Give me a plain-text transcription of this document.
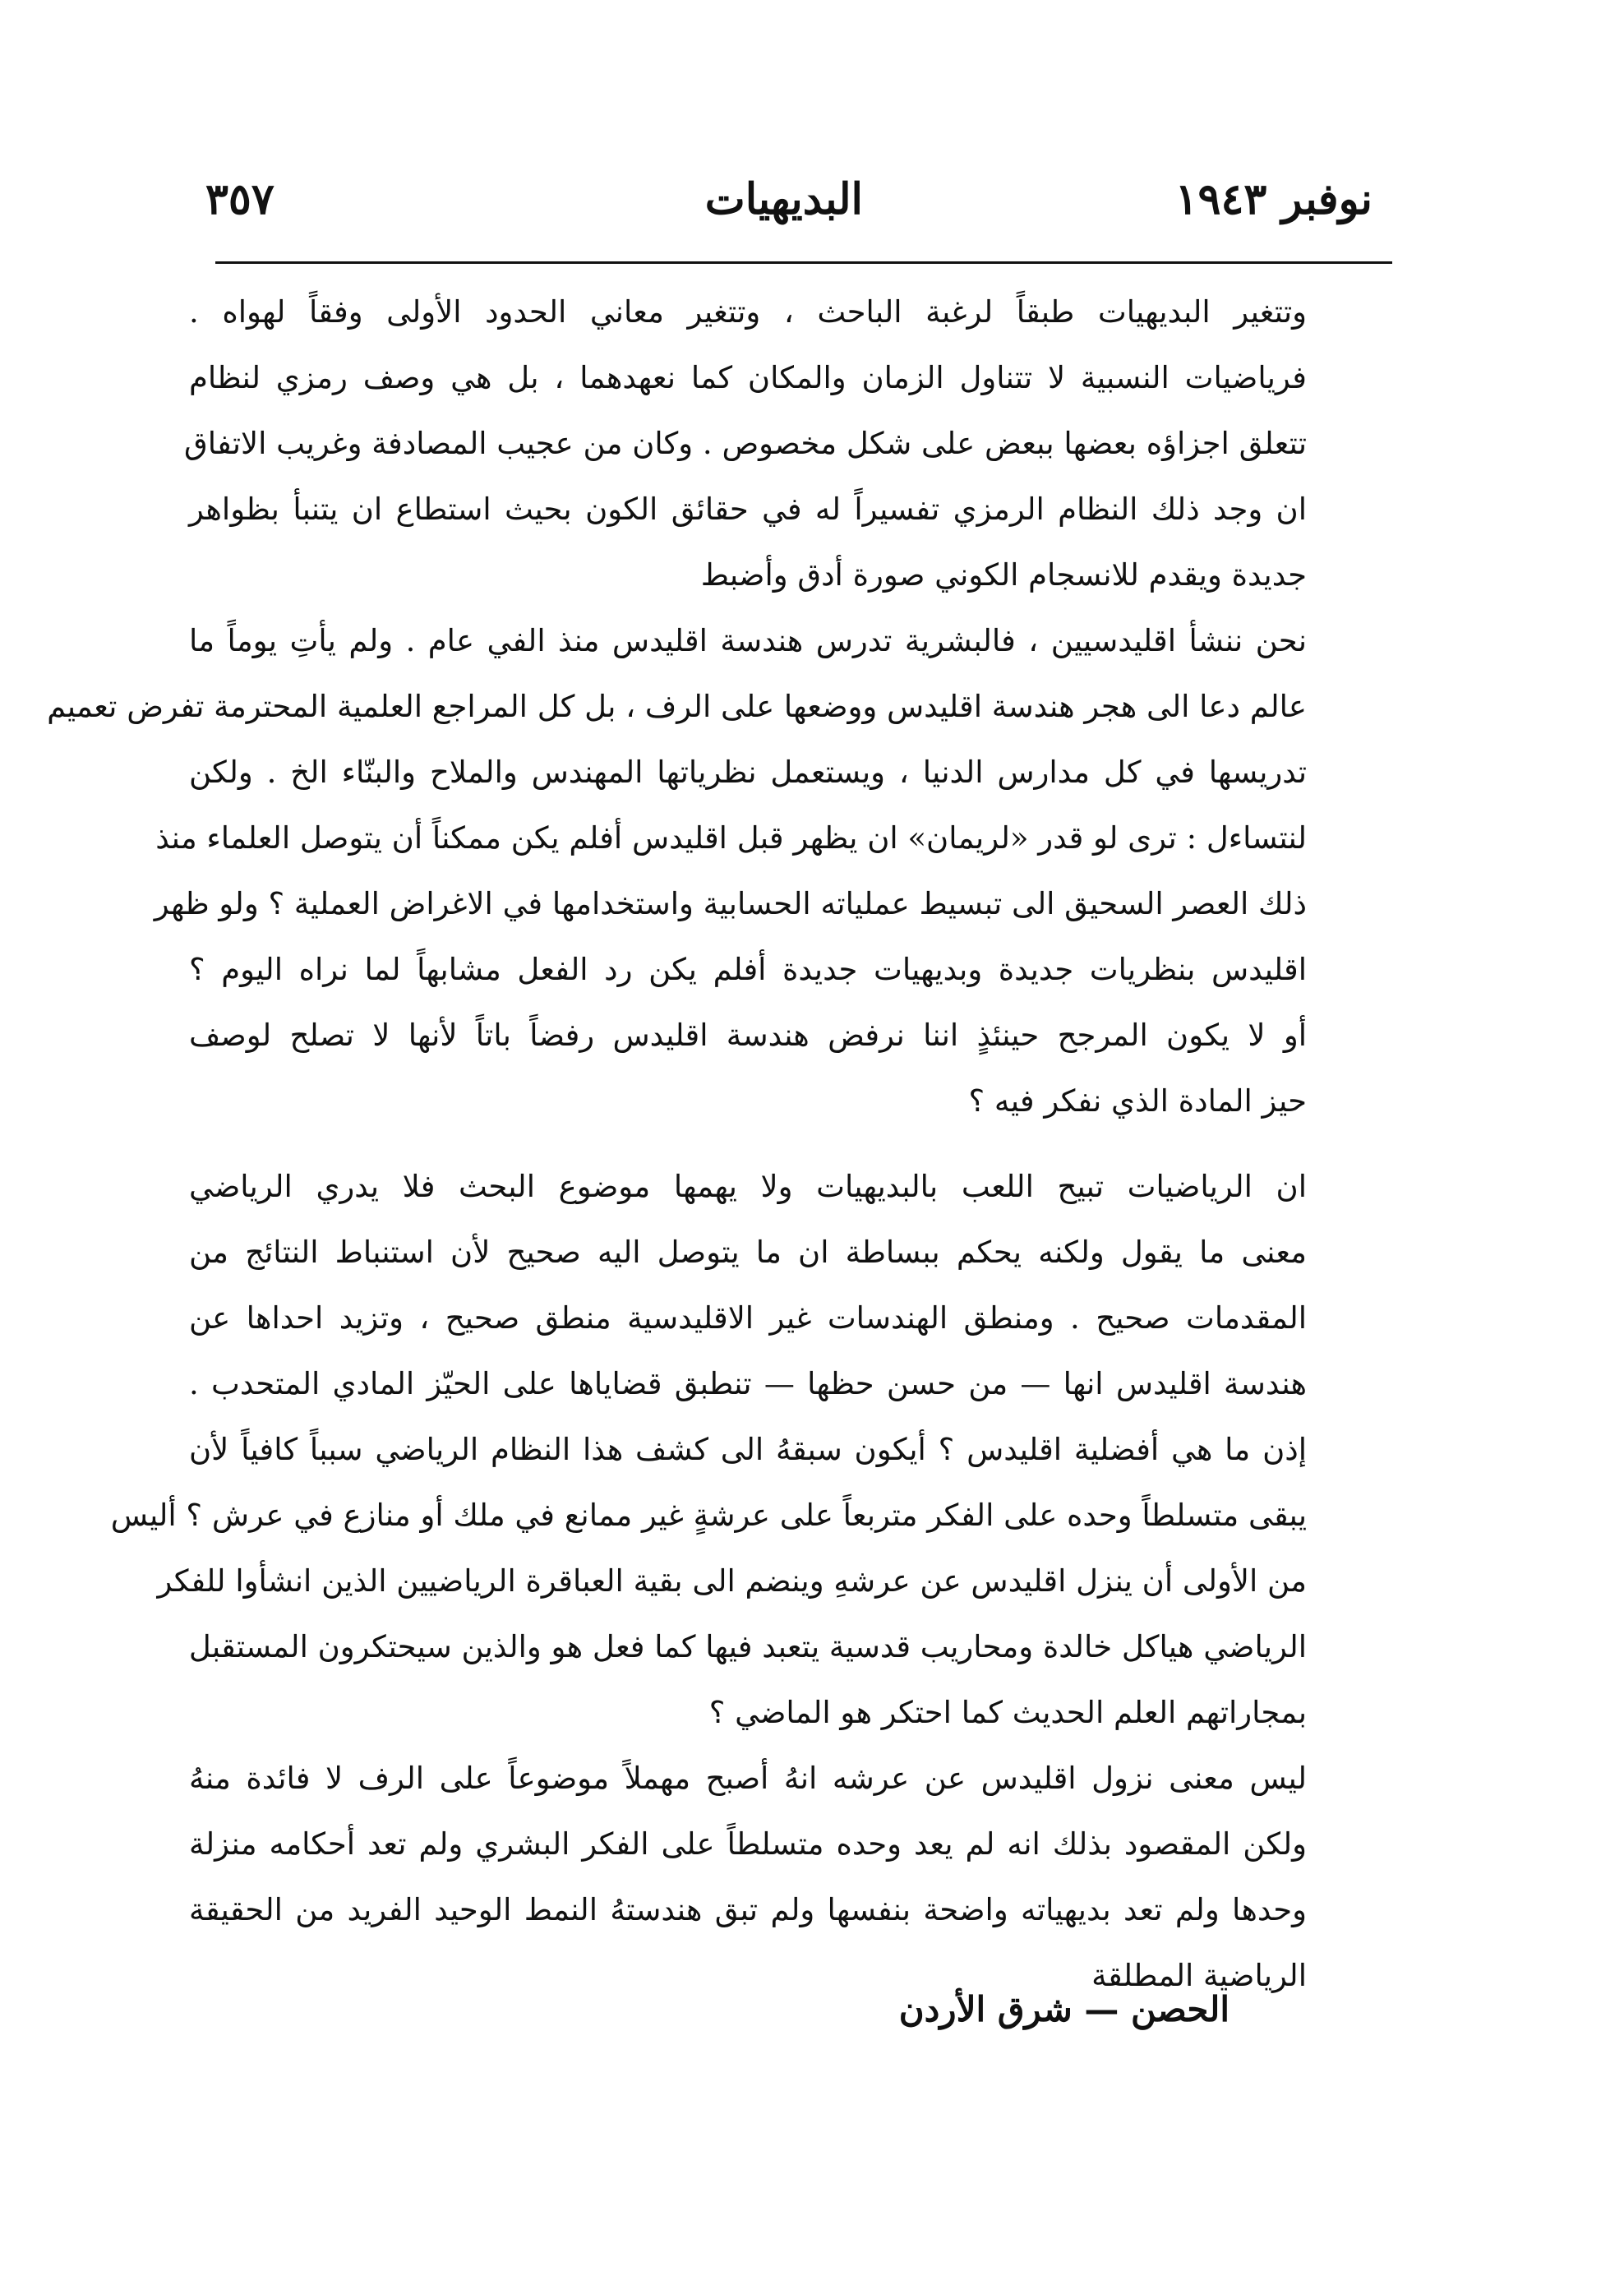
نوفبر ١٩٤٣
البديهيات
٣٥٧

وتتغير البديهيات طبقاً لرغبة الباحث ، وتتغير معاني الحدود الأولى وفقاً لهواه .
فرياضيات النسبية لا تتناول الزمان والمكان كما نعهدهما ، بل هي وصف رمزي لنظام
تتعلق اجزاؤه بعضها ببعض على شكل مخصوص . وكان من عجيب المصادفة وغريب الاتفاق
ان وجد ذلك النظام الرمزي تفسيراً له في حقائق الكون بحيث استطاع ان يتنبأ بظواهر
جديدة ويقدم للانسجام الكوني صورة أدق وأضبط

نحن ننشأ اقليدسيين ، فالبشرية تدرس هندسة اقليدس منذ الفي عام . ولم يأتِ يوماً ما
عالم دعا الى هجر هندسة اقليدس ووضعها على الرف ، بل كل المراجع العلمية المحترمة تفرض تعميم
تدريسها في كل مدارس الدنيا ، ويستعمل نظرياتها المهندس والملاح والبنّاء الخ . ولكن
لنتساءل : ترى لو قدر «لريمان» ان يظهر قبل اقليدس أفلم يكن ممكناً أن يتوصل العلماء منذ
ذلك العصر السحيق الى تبسيط عملياته الحسابية واستخدامها في الاغراض العملية ؟ ولو ظهر
اقليدس بنظريات جديدة وبديهيات جديدة أفلم يكن رد الفعل مشابهاً لما نراه اليوم ؟
أو لا يكون المرجح حينئذٍ اننا نرفض هندسة اقليدس رفضاً باتاً لأنها لا تصلح لوصف
حيز المادة الذي نفكر فيه ؟

ان الرياضيات تبيح اللعب بالبديهيات ولا يهمها موضوع البحث فلا يدري الرياضي
معنى ما يقول ولكنه يحكم ببساطة ان ما يتوصل اليه صحيح لأن استنباط النتائج من
المقدمات صحيح . ومنطق الهندسات غير الاقليدسية منطق صحيح ، وتزيد احداها عن
هندسة اقليدس انها — من حسن حظها — تنطبق قضاياها على الحيّز المادي المتحدب .
إذن ما هي أفضلية اقليدس ؟ أيكون سبقهُ الى كشف هذا النظام الرياضي سبباً كافياً لأن
يبقى متسلطاً وحده على الفكر متربعاً على عرشةٍ غير ممانع في ملك أو منازع في عرش ؟ أليس
من الأولى أن ينزل اقليدس عن عرشهِ وينضم الى بقية العباقرة الرياضيين الذين انشأوا للفكر
الرياضي هياكل خالدة ومحاريب قدسية يتعبد فيها كما فعل هو والذين سيحتكرون المستقبل
بمجاراتهم العلم الحديث كما احتكر هو الماضي ؟

ليس معنى نزول اقليدس عن عرشه انهُ أصبح مهملاً موضوعاً على الرف لا فائدة منهُ
ولكن المقصود بذلك انه لم يعد وحده متسلطاً على الفكر البشري ولم تعد أحكامه منزلة
وحدها ولم تعد بديهياته واضحة بنفسها ولم تبق هندستهُ النمط الوحيد الفريد من الحقيقة
الرياضية المطلقة

الحصن — شرق الأردن
